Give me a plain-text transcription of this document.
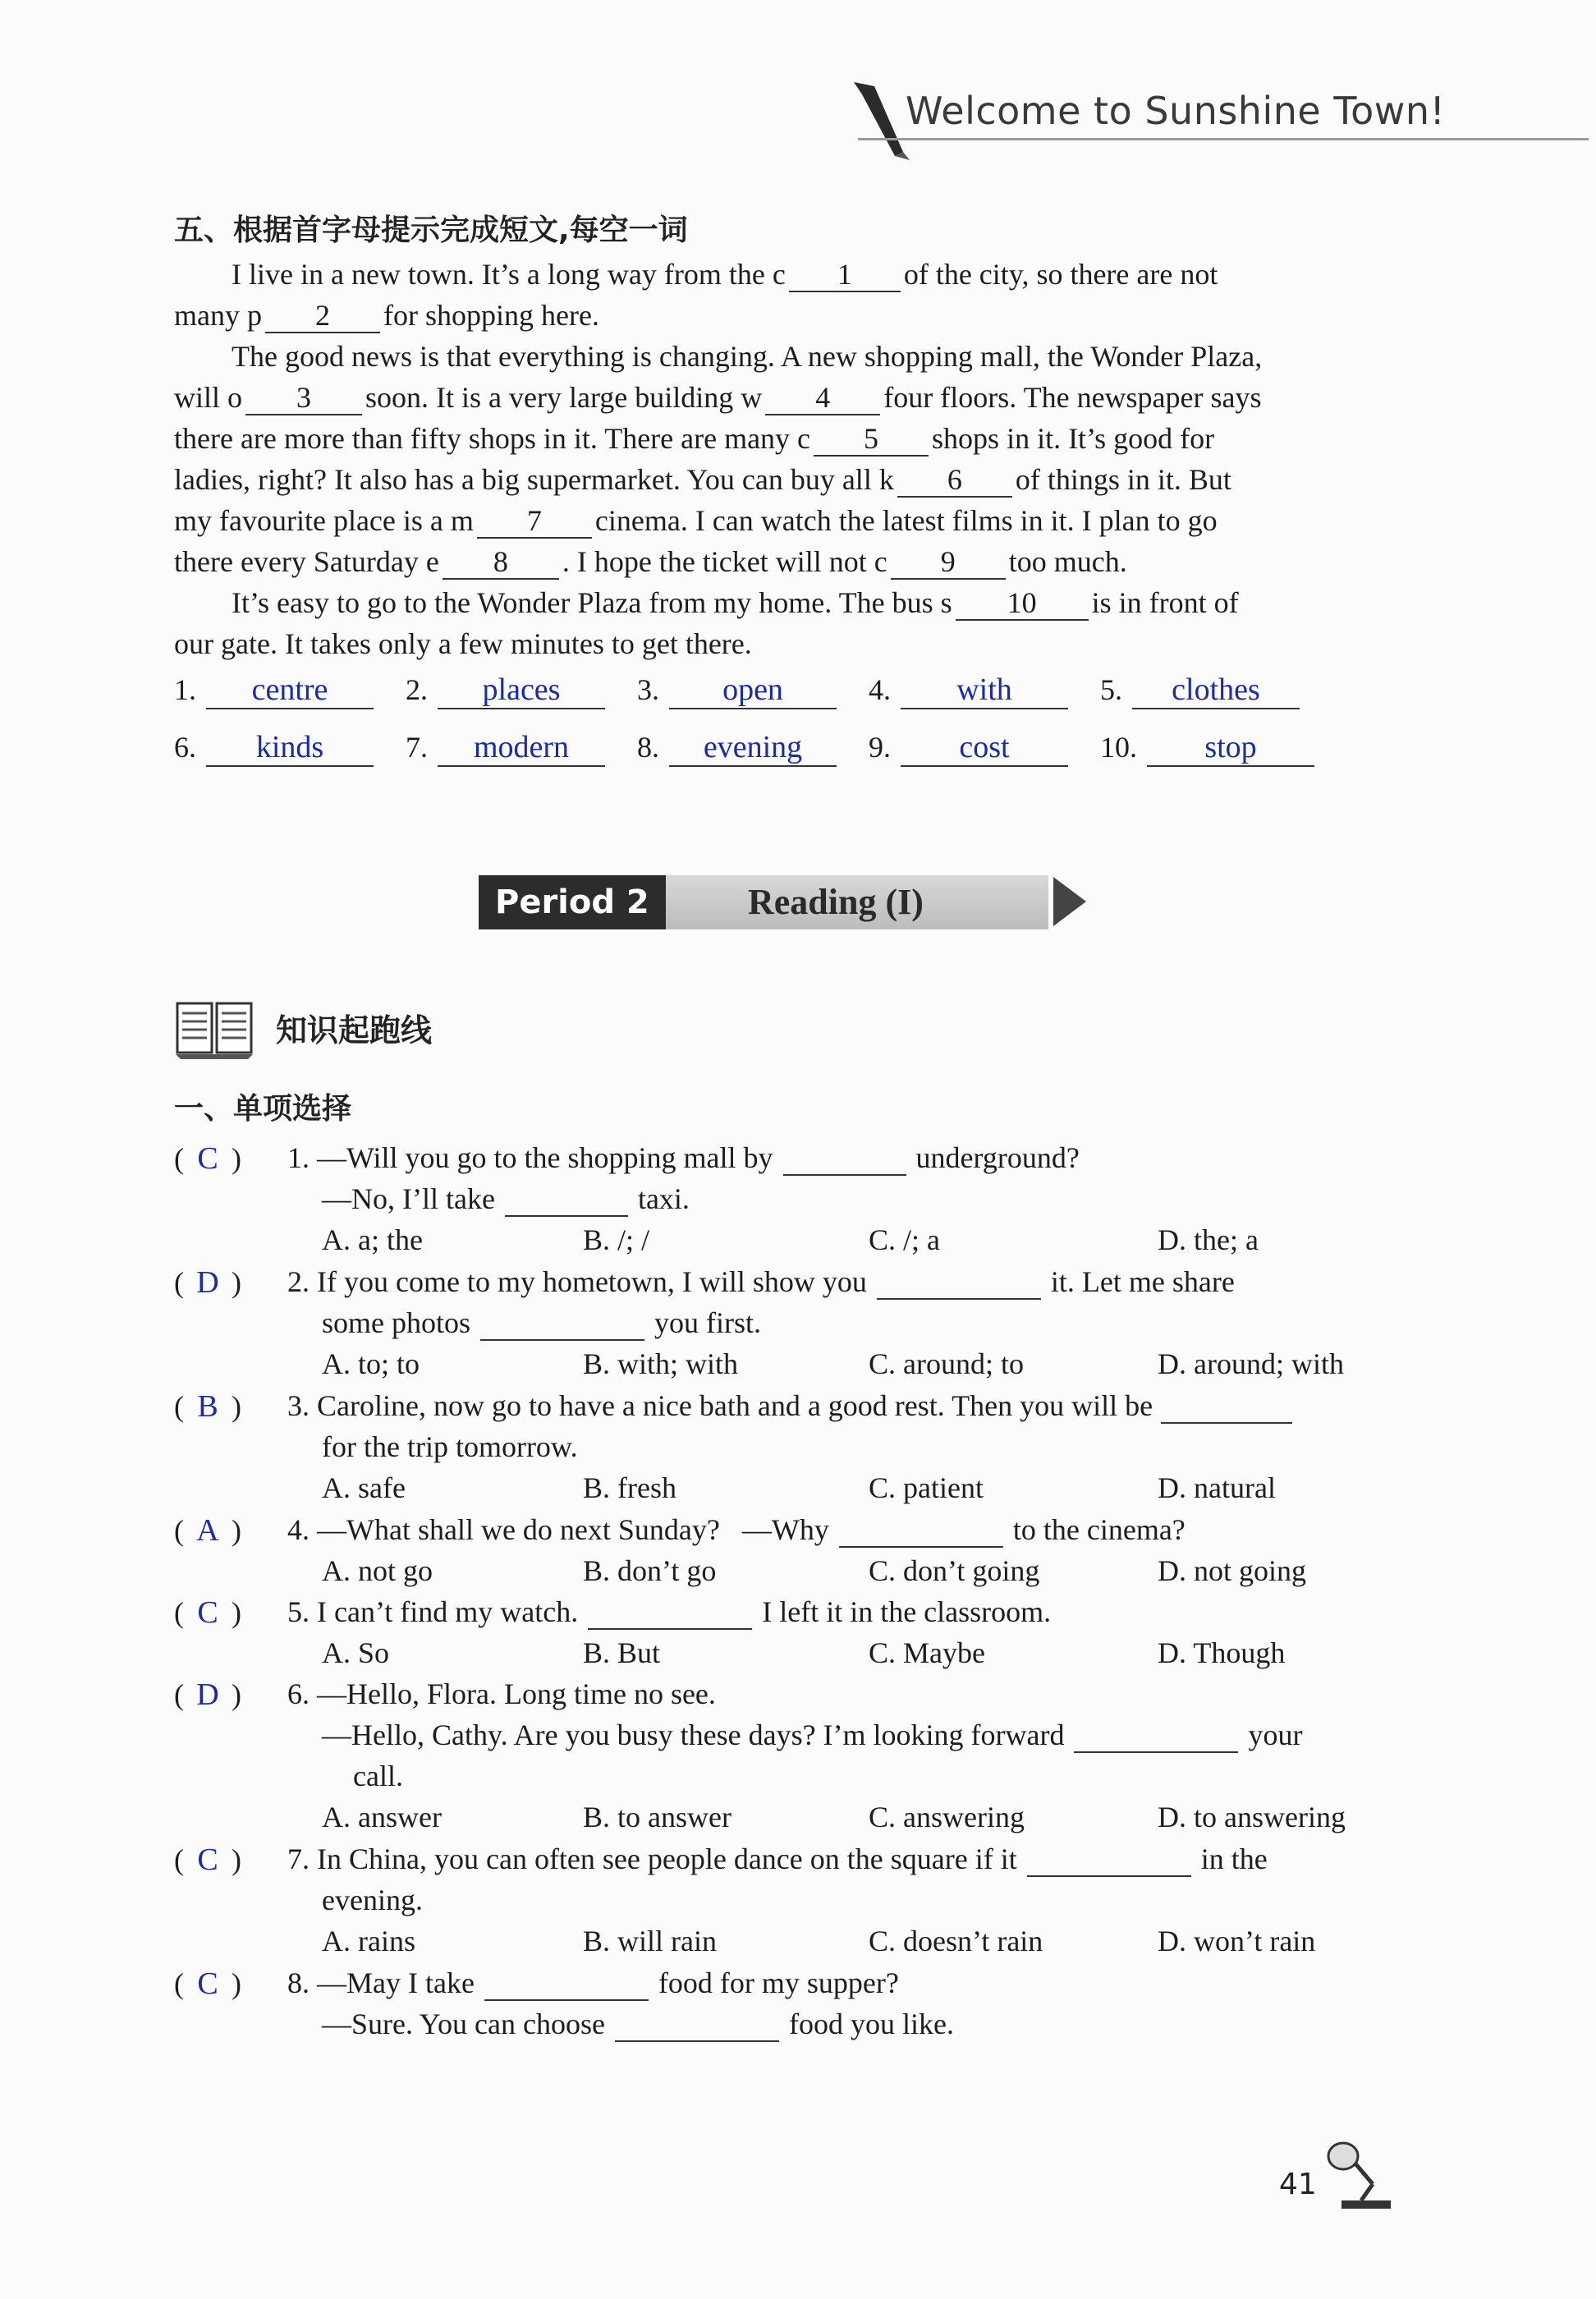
Welcome to Sunshine Town!
五、根据首字母提示完成短文,每空一词
I live in a new town. It’s a long way from the c 1 of the city, so there are not
many p 2 for shopping here.
The good news is that everything is changing. A new shopping mall, the Wonder Plaza,
will o 3 soon. It is a very large building w 4 four floors. The newspaper says
there are more than fifty shops in it. There are many c 5 shops in it. It’s good for
ladies, right? It also has a big supermarket. You can buy all k 6 of things in it. But
my favourite place is a m 7 cinema. I can watch the latest films in it. I plan to go
there every Saturday e 8 . I hope the ticket will not c 9 too much.
It’s easy to go to the Wonder Plaza from my home. The bus s 10 is in front of
our gate. It takes only a few minutes to get there.
1. centre	2. places	3. open	4. with	5. clothes
6. kinds	7. modern	8. evening	9. cost	10. stop
Period 2	Reading (I)
知识起跑线
一、单项选择
( C ) 1. —Will you go to the shopping mall by	underground?
—No, I’ll take	taxi.
A. a; the	B. /; /	C. /; a	D. the; a
( D ) 2. If you come to my hometown, I will show you	it. Let me share
some photos	you first.
A. to; to	B. with; with	C. around; to	D. around; with
( B ) 3. Caroline, now go to have a nice bath and a good rest. Then you will be
for the trip tomorrow.
A. safe	B. fresh	C. patient	D. natural
( A ) 4. —What shall we do next Sunday?   —Why	to the cinema?
A. not go	B. don’t go	C. don’t going	D. not going
( C ) 5. I can’t find my watch.	I left it in the classroom.
A. So	B. But	C. Maybe	D. Though
( D ) 6. —Hello, Flora. Long time no see.
—Hello, Cathy. Are you busy these days? I’m looking forward	your
call.
A. answer	B. to answer	C. answering	D. to answering
( C ) 7. In China, you can often see people dance on the square if it	in the
evening.
A. rains	B. will rain	C. doesn’t rain	D. won’t rain
( C ) 8. —May I take	food for my supper?
—Sure. You can choose	food you like.
41
